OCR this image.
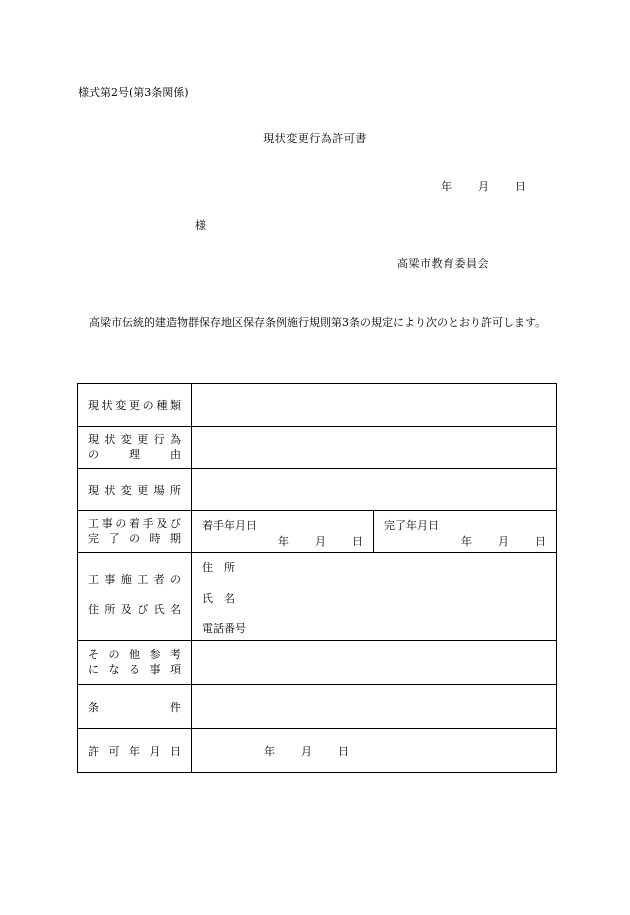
様式第2号(第3条関係)
現状変更行為許可書
年 月 日
様
高梁市教育委員会
高梁市伝統的建造物群保存地区保存条例施行規則第3条の規定により次のとおり許可します。
現状変更の種類
現状変更行為
の　理　由
現状変更場所
工事の着手及び
完了の時期
着手年月日
年 月 日
完了年月日
年 月 日
工事施工者の
住所及び氏名
住　所
氏　名
電話番号
その他参考
になる事項
条　件
許可年月日	年 月 日
